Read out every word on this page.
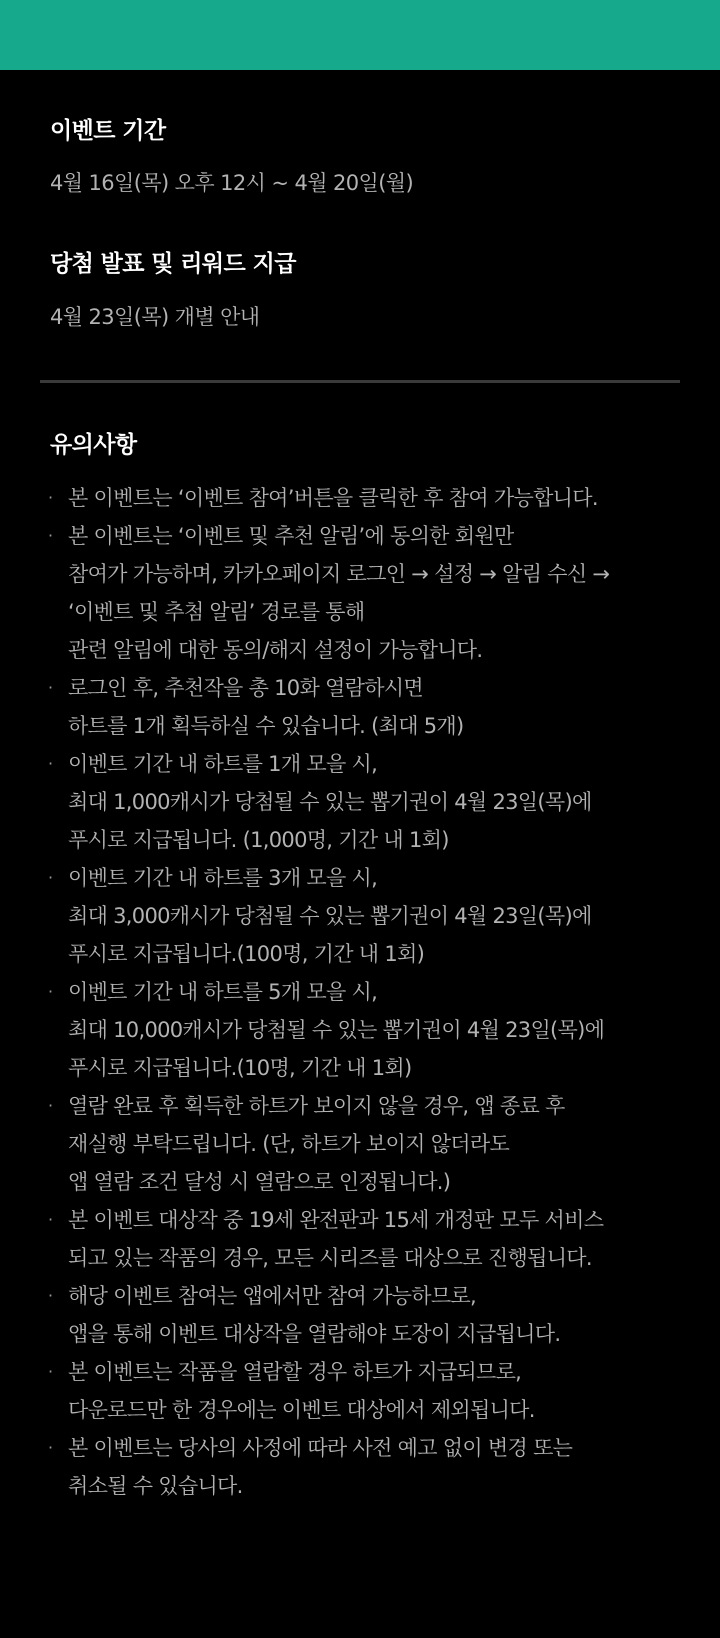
이벤트 기간

4월 16일(목) 오후 12시 ~ 4월 20일(월)

당첨 발표 및 리워드 지급

4월 23일(목) 개별 안내

유의사항
· 본 이벤트는 ‘이벤트 참여’버튼을 클릭한 후 참여 가능합니다.
· 본 이벤트는 ‘이벤트 및 추천 알림’에 동의한 회원만
참여가 가능하며, 카카오페이지 로그인 → 설정 → 알림 수신 →
‘이벤트 및 추첨 알림’ 경로를 통해
관련 알림에 대한 동의/해지 설정이 가능합니다.
· 로그인 후, 추천작을 총 10화 열람하시면
하트를 1개 획득하실 수 있습니다. (최대 5개)
· 이벤트 기간 내 하트를 1개 모을 시,
최대 1,000캐시가 당첨될 수 있는 뽑기권이 4월 23일(목)에
푸시로 지급됩니다. (1,000명, 기간 내 1회)
· 이벤트 기간 내 하트를 3개 모을 시,
최대 3,000캐시가 당첨될 수 있는 뽑기권이 4월 23일(목)에
푸시로 지급됩니다.(100명, 기간 내 1회)
· 이벤트 기간 내 하트를 5개 모을 시,
최대 10,000캐시가 당첨될 수 있는 뽑기권이 4월 23일(목)에
푸시로 지급됩니다.(10명, 기간 내 1회)
· 열람 완료 후 획득한 하트가 보이지 않을 경우, 앱 종료 후
재실행 부탁드립니다. (단, 하트가 보이지 않더라도
앱 열람 조건 달성 시 열람으로 인정됩니다.)
· 본 이벤트 대상작 중 19세 완전판과 15세 개정판 모두 서비스
되고 있는 작품의 경우, 모든 시리즈를 대상으로 진행됩니다.
· 해당 이벤트 참여는 앱에서만 참여 가능하므로,
앱을 통해 이벤트 대상작을 열람해야 도장이 지급됩니다.
· 본 이벤트는 작품을 열람할 경우 하트가 지급되므로,
다운로드만 한 경우에는 이벤트 대상에서 제외됩니다.
· 본 이벤트는 당사의 사정에 따라 사전 예고 없이 변경 또는
취소될 수 있습니다.
